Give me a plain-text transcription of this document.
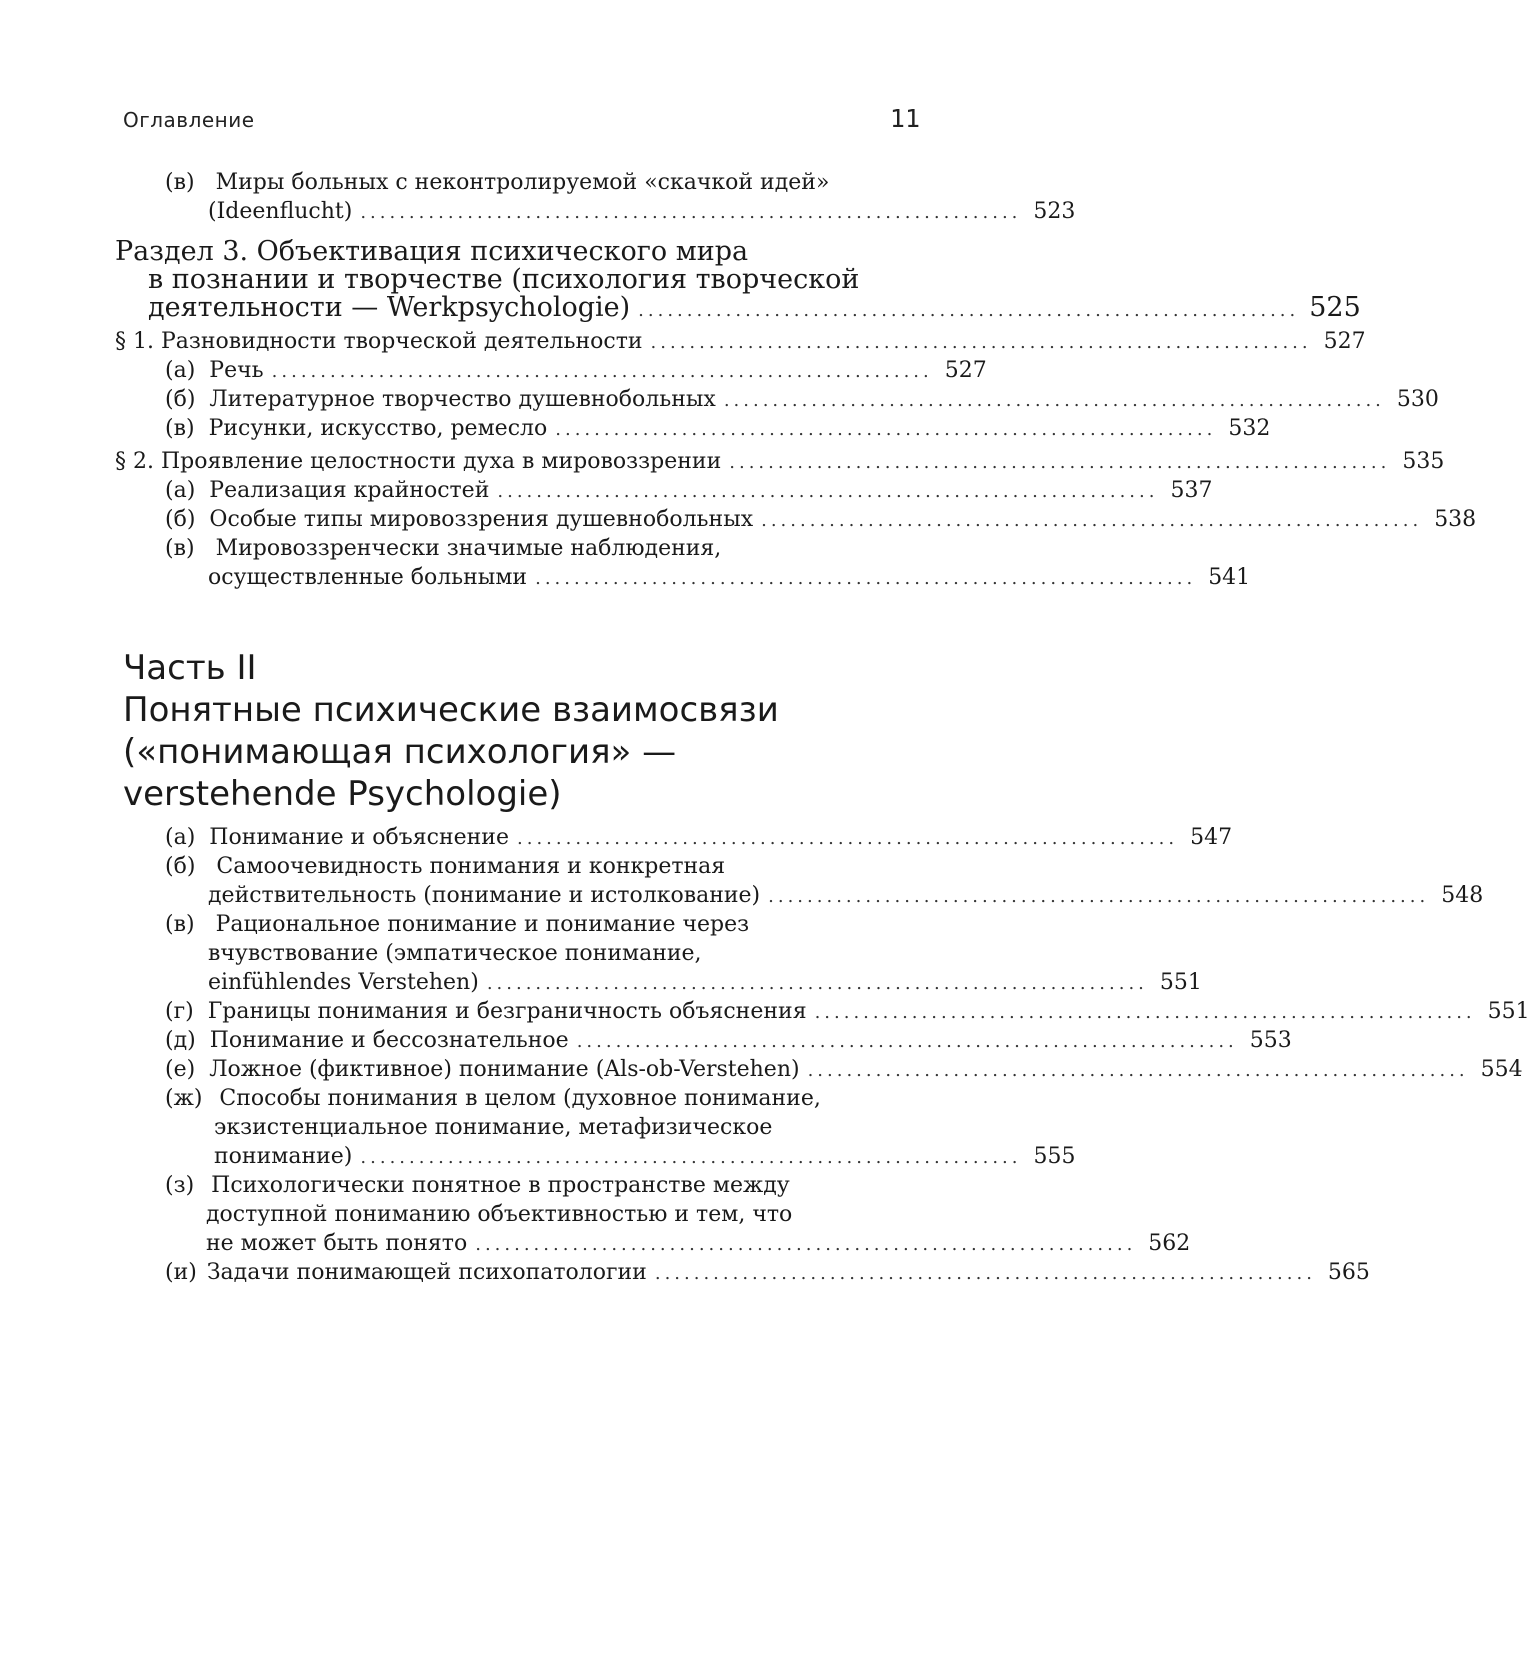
Оглавление	11
(в) Миры больных с неконтролируемой «скачкой идей»
(Ideenflucht) .................................................................... 523
Раздел 3. Объективация психического мира
в познании и творчестве (психология творческой
деятельности — Werkpsychologie) .................................................................... 525
§ 1. Разновидности творческой деятельности .................................................................... 527
(а) Речь .................................................................... 527
(б) Литературное творчество душевнобольных .................................................................... 530
(в) Рисунки, искусство, ремесло .................................................................... 532
§ 2. Проявление целостности духа в мировоззрении .................................................................... 535
(а) Реализация крайностей .................................................................... 537
(б) Особые типы мировоззрения душевнобольных .................................................................... 538
(в) Мировоззренчески значимые наблюдения,
осуществленные больными .................................................................... 541
Часть II
Понятные психические взаимосвязи
(«понимающая психология» —
verstehende Psychologie)
(а) Понимание и объяснение .................................................................... 547
(б) Самоочевидность понимания и конкретная
действительность (понимание и истолкование) .................................................................... 548
(в) Рациональное понимание и понимание через
вчувствование (эмпатическое понимание,
einfühlendes Verstehen) .................................................................... 551
(г) Границы понимания и безграничность объяснения .................................................................... 551
(д) Понимание и бессознательное .................................................................... 553
(е) Ложное (фиктивное) понимание (Als-ob-Verstehen) .................................................................... 554
(ж) Способы понимания в целом (духовное понимание,
экзистенциальное понимание, метафизическое
понимание) .................................................................... 555
(з) Психологически понятное в пространстве между
доступной пониманию объективностью и тем, что
не может быть понято .................................................................... 562
(и) Задачи понимающей психопатологии .................................................................... 565
